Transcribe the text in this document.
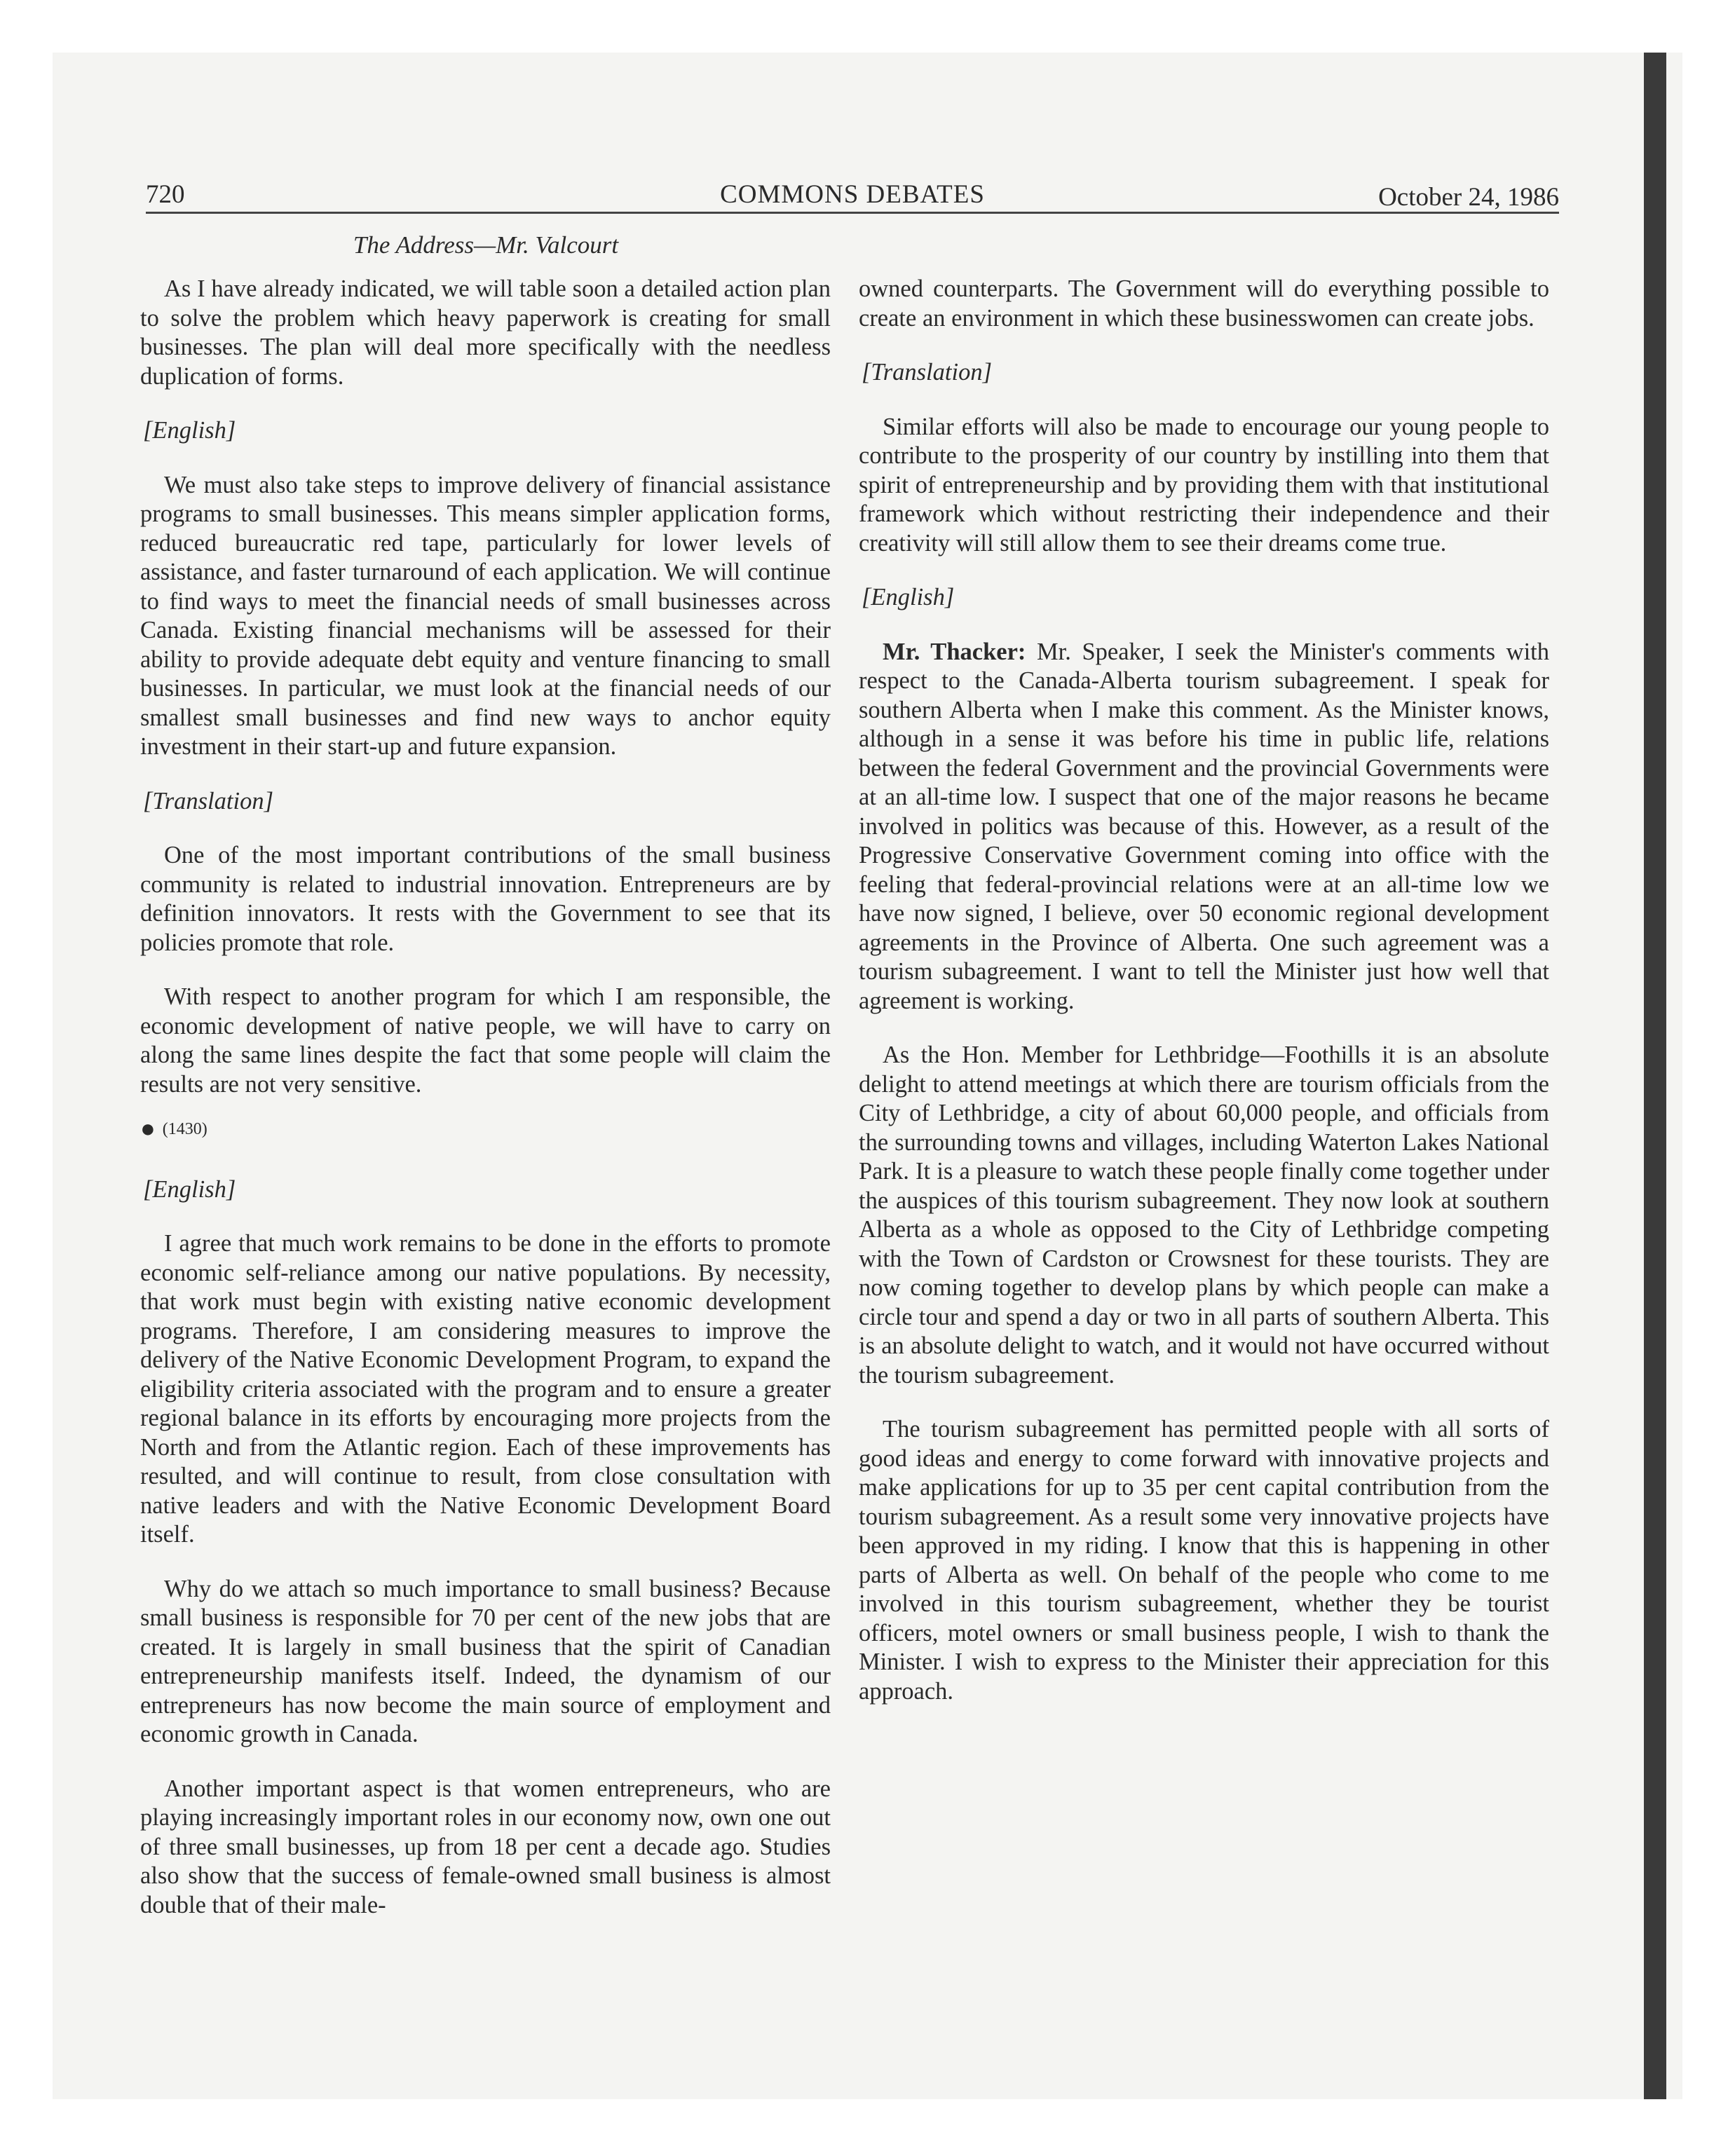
720	COMMONS DEBATES	October 24, 1986
The Address—Mr. Valcourt

As I have already indicated, we will table soon a detailed action plan to solve the problem which heavy paperwork is creating for small businesses. The plan will deal more specifically with the needless duplication of forms.

[English]

We must also take steps to improve delivery of financial assistance programs to small businesses. This means simpler application forms, reduced bureaucratic red tape, particularly for lower levels of assistance, and faster turnaround of each application. We will continue to find ways to meet the financial needs of small businesses across Canada. Existing financial mechanisms will be assessed for their ability to provide adequate debt equity and venture financing to small businesses. In particular, we must look at the financial needs of our smallest small businesses and find new ways to anchor equity investment in their start-up and future expansion.

[Translation]

One of the most important contributions of the small business community is related to industrial innovation. Entrepreneurs are by definition innovators. It rests with the Government to see that its policies promote that role.

With respect to another program for which I am responsible, the economic development of native people, we will have to carry on along the same lines despite the fact that some people will claim the results are not very sensitive.

● (1430)
[English]

I agree that much work remains to be done in the efforts to promote economic self-reliance among our native populations. By necessity, that work must begin with existing native economic development programs. Therefore, I am considering measures to improve the delivery of the Native Economic Development Program, to expand the eligibility criteria associated with the program and to ensure a greater regional balance in its efforts by encouraging more projects from the North and from the Atlantic region. Each of these improvements has resulted, and will continue to result, from close consultation with native leaders and with the Native Economic Development Board itself.

Why do we attach so much importance to small business? Because small business is responsible for 70 per cent of the new jobs that are created. It is largely in small business that the spirit of Canadian entrepreneurship manifests itself. Indeed, the dynamism of our entrepreneurs has now become the main source of employment and economic growth in Canada.

Another important aspect is that women entrepreneurs, who are playing increasingly important roles in our economy now, own one out of three small businesses, up from 18 per cent a decade ago. Studies also show that the success of female-owned small business is almost double that of their male-

owned counterparts. The Government will do everything possible to create an environment in which these businesswomen can create jobs.

[Translation]

Similar efforts will also be made to encourage our young people to contribute to the prosperity of our country by instilling into them that spirit of entrepreneurship and by providing them with that institutional framework which without restricting their independence and their creativity will still allow them to see their dreams come true.

[English]

Mr. Thacker: Mr. Speaker, I seek the Minister's comments with respect to the Canada-Alberta tourism subagreement. I speak for southern Alberta when I make this comment. As the Minister knows, although in a sense it was before his time in public life, relations between the federal Government and the provincial Governments were at an all-time low. I suspect that one of the major reasons he became involved in politics was because of this. However, as a result of the Progressive Conservative Government coming into office with the feeling that federal-provincial relations were at an all-time low we have now signed, I believe, over 50 economic regional development agreements in the Province of Alberta. One such agreement was a tourism subagreement. I want to tell the Minister just how well that agreement is working.

As the Hon. Member for Lethbridge—Foothills it is an absolute delight to attend meetings at which there are tourism officials from the City of Lethbridge, a city of about 60,000 people, and officials from the surrounding towns and villages, including Waterton Lakes National Park. It is a pleasure to watch these people finally come together under the auspices of this tourism subagreement. They now look at southern Alberta as a whole as opposed to the City of Lethbridge competing with the Town of Cardston or Crowsnest for these tourists. They are now coming together to develop plans by which people can make a circle tour and spend a day or two in all parts of southern Alberta. This is an absolute delight to watch, and it would not have occurred without the tourism subagreement.

The tourism subagreement has permitted people with all sorts of good ideas and energy to come forward with innovative projects and make applications for up to 35 per cent capital contribution from the tourism subagreement. As a result some very innovative projects have been approved in my riding. I know that this is happening in other parts of Alberta as well. On behalf of the people who come to me involved in this tourism subagreement, whether they be tourist officers, motel owners or small business people, I wish to thank the Minister. I wish to express to the Minister their appreciation for this approach.
